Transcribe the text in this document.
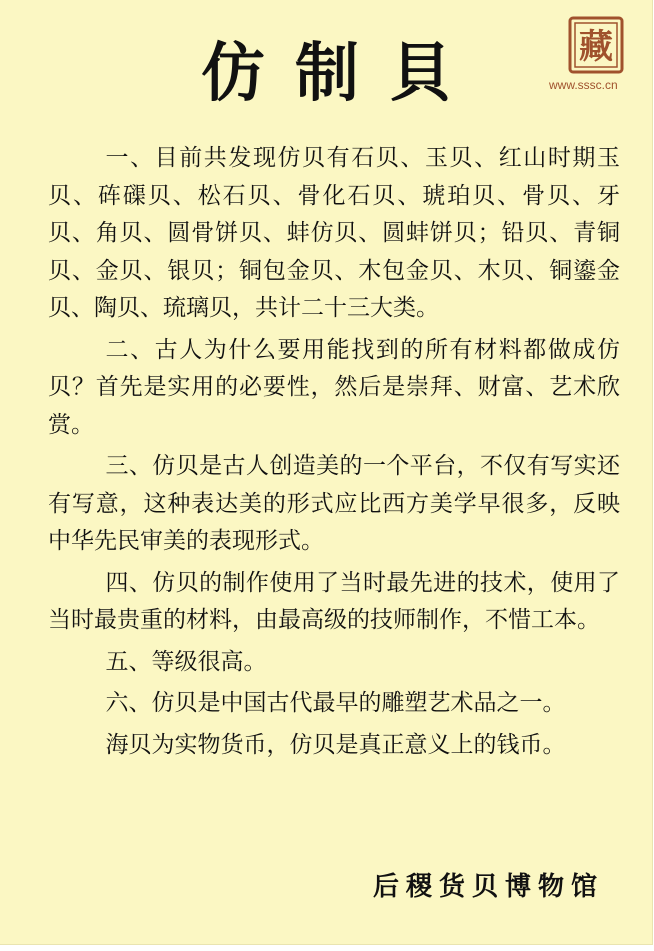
仿制貝	藏

www.sssc.cn

一、目前共发现仿贝有石贝、玉贝、红山时期玉贝、砗磲贝、松石贝、骨化石贝、琥珀贝、骨贝、牙贝、角贝、圆骨饼贝、蚌仿贝、圆蚌饼贝；铅贝、青铜贝、金贝、银贝；铜包金贝、木包金贝、木贝、铜鎏金贝、陶贝、琉璃贝，共计二十三大类。

二、古人为什么要用能找到的所有材料都做成仿贝？首先是实用的必要性，然后是崇拜、财富、艺术欣赏。

三、仿贝是古人创造美的一个平台，不仅有写实还有写意，这种表达美的形式应比西方美学早很多，反映中华先民审美的表现形式。

四、仿贝的制作使用了当时最先进的技术，使用了当时最贵重的材料，由最高级的技师制作，不惜工本。

五、等级很高。

六、仿贝是中国古代最早的雕塑艺术品之一。

海贝为实物货币，仿贝是真正意义上的钱币。

后稷货贝博物馆
